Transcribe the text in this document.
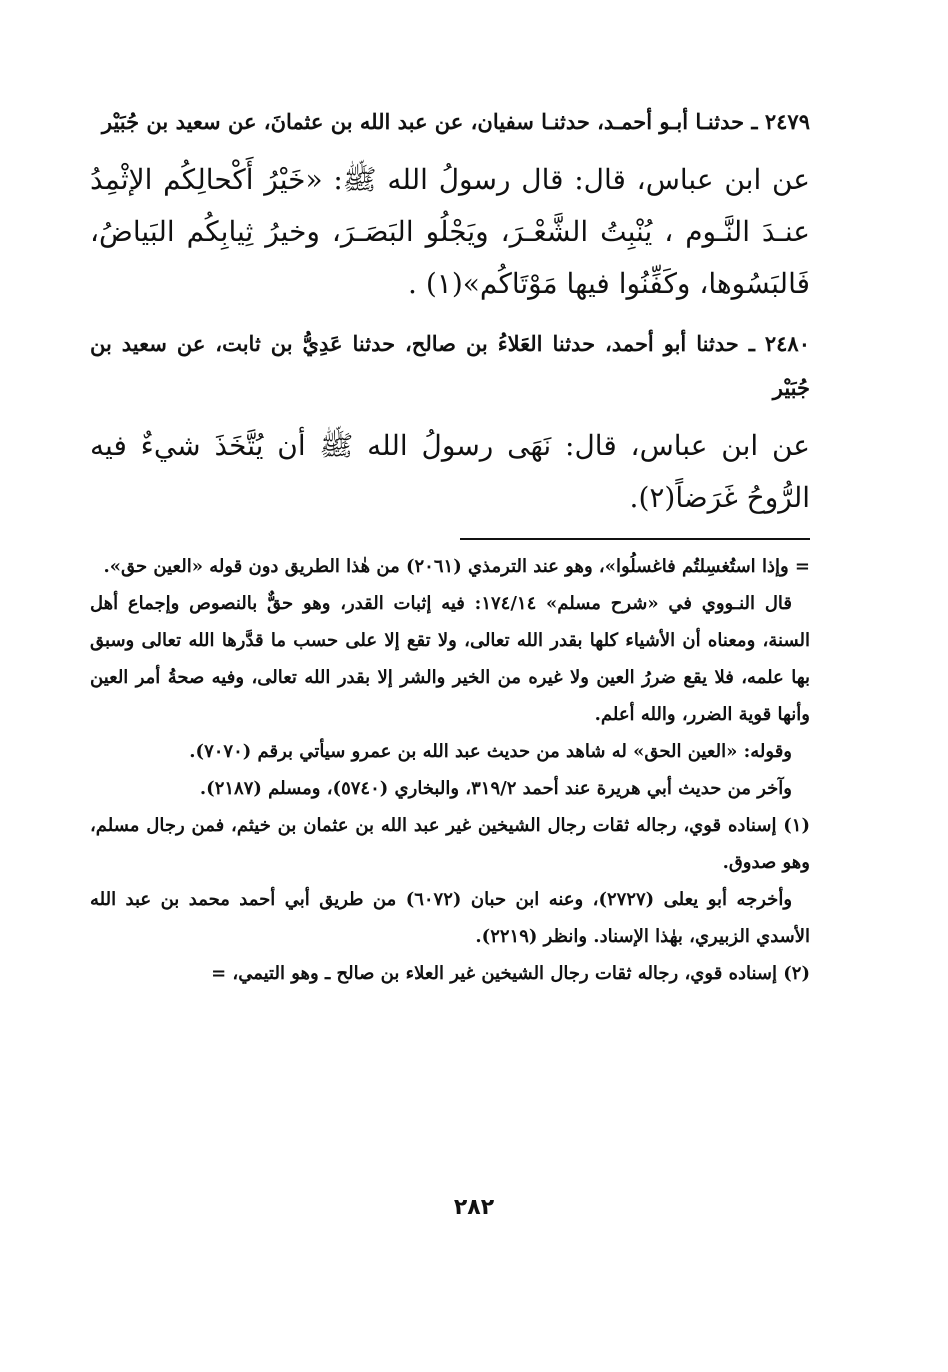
٢٤٧٩ ـ حدثنـا أبـو أحمـد، حدثنـا سفيان، عن عبد الله بن عثمانَ، عن سعيد بن جُبَيْر

عن ابن عباس، قال: قال رسولُ الله ﷺ: «خَيْرُ أَكْحالِكُم الإثْمِدُ عنـدَ النَّـوم ، يُنْبِتُ الشَّعْـرَ، ويَجْلُو البَصَـرَ، وخيرُ ثِيابِكُم البَياضُ، فَالبَسُوها، وكَفِّنُوا فيها مَوْتَاكُم»(١) .

٢٤٨٠ ـ حدثنا أبو أحمد، حدثنا العَلاءُ بن صالح، حدثنا عَدِيُّ بن ثابت، عن سعيد بن جُبَيْر

عن ابن عباس، قال: نَهَى رسولُ الله ﷺ أن يُتَّخَذَ شيءٌ فيه الرُّوحُ غَرَضاً(٢).

= وإذا استُغسِلتُم فاغسلُوا»، وهو عند الترمذي (٢٠٦١) من هٰذا الطريق دون قوله «العين حق».

قال النـووي في «شرح مسلم» ١٧٤/١٤: فيه إثبات القدر، وهو حقٌّ بالنصوص وإجماع أهل السنة، ومعناه أن الأشياء كلها بقدر الله تعالى، ولا تقع إلا على حسب ما قدَّرها الله تعالى وسبق بها علمه، فلا يقع ضررُ العين ولا غيره من الخير والشر إلا بقدر الله تعالى، وفيه صحةُ أمر العين وأنها قوية الضرر، والله أعلم.

وقوله: «العين الحق» له شاهد من حديث عبد الله بن عمرو سيأتي برقم (٧٠٧٠).

وآخر من حديث أبي هريرة عند أحمد ٣١٩/٢، والبخاري (٥٧٤٠)، ومسلم (٢١٨٧).

(١) إسناده قوي، رجاله ثقات رجال الشيخين غير عبد الله بن عثمان بن خيثم، فمن رجال مسلم، وهو صدوق.

وأخرجه أبو يعلى (٢٧٢٧)، وعنه ابن حبان (٦٠٧٢) من طريق أبي أحمد محمد بن عبد الله الأسدي الزبيري، بهٰذا الإسناد. وانظر (٢٢١٩).

(٢) إسناده قوي، رجاله ثقات رجال الشيخين غير العلاء بن صالح ـ وهو التيمي، =

٢٨٢
